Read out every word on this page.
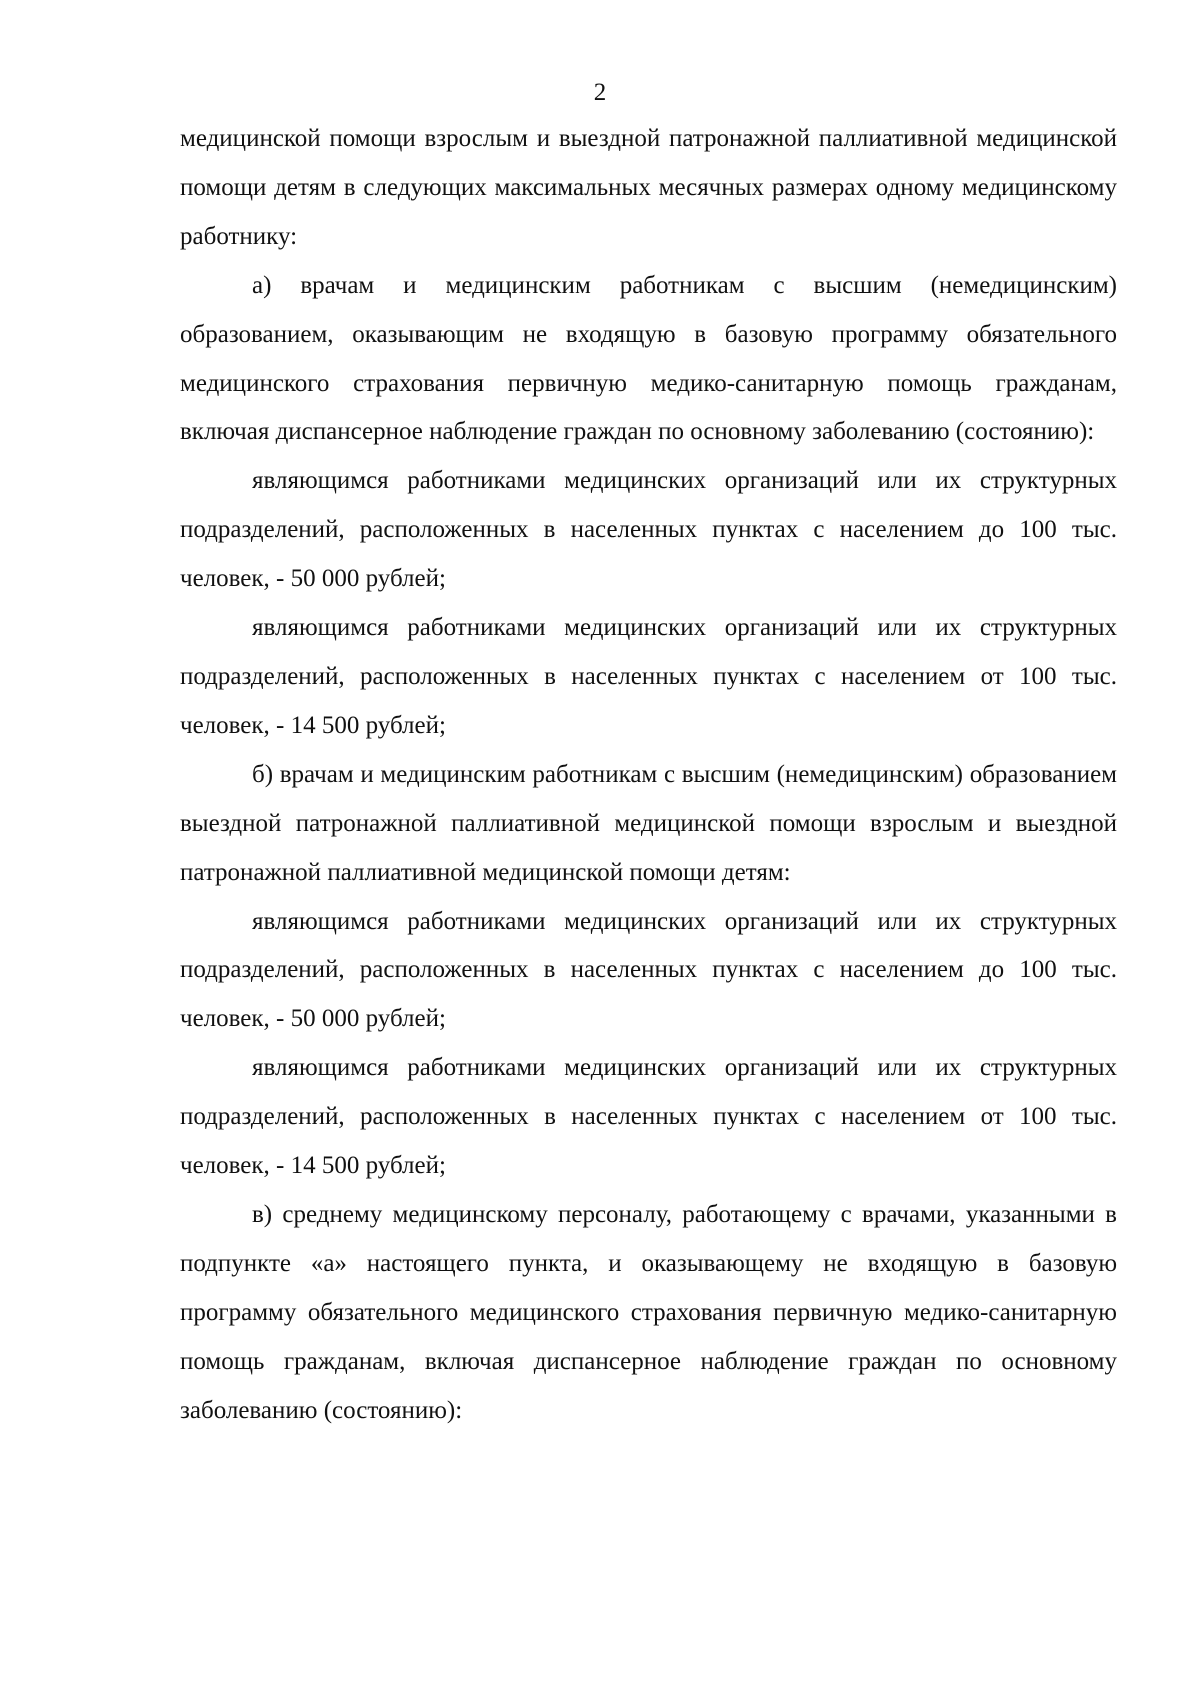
2

медицинской помощи взрослым и выездной патронажной паллиативной медицинской помощи детям в следующих максимальных месячных размерах одному медицинскому работнику:

а) врачам и медицинским работникам с высшим (немедицинским) образованием, оказывающим не входящую в базовую программу обязательного медицинского страхования первичную медико-санитарную помощь гражданам, включая диспансерное наблюдение граждан по основному заболеванию (состоянию):

являющимся работниками медицинских организаций или их структурных подразделений, расположенных в населенных пунктах с населением до 100 тыс. человек, - 50 000 рублей;

являющимся работниками медицинских организаций или их структурных подразделений, расположенных в населенных пунктах с населением от 100 тыс. человек, - 14 500 рублей;

б) врачам и медицинским работникам с высшим (немедицинским) образованием выездной патронажной паллиативной медицинской помощи взрослым и выездной патронажной паллиативной медицинской помощи детям:

являющимся работниками медицинских организаций или их структурных подразделений, расположенных в населенных пунктах с населением до 100 тыс. человек, - 50 000 рублей;

являющимся работниками медицинских организаций или их структурных подразделений, расположенных в населенных пунктах с населением от 100 тыс. человек, - 14 500 рублей;

в) среднему медицинскому персоналу, работающему с врачами, указанными в подпункте «а» настоящего пункта, и оказывающему не входящую в базовую программу обязательного медицинского страхования первичную медико-санитарную помощь гражданам, включая диспансерное наблюдение граждан по основному заболеванию (состоянию):
